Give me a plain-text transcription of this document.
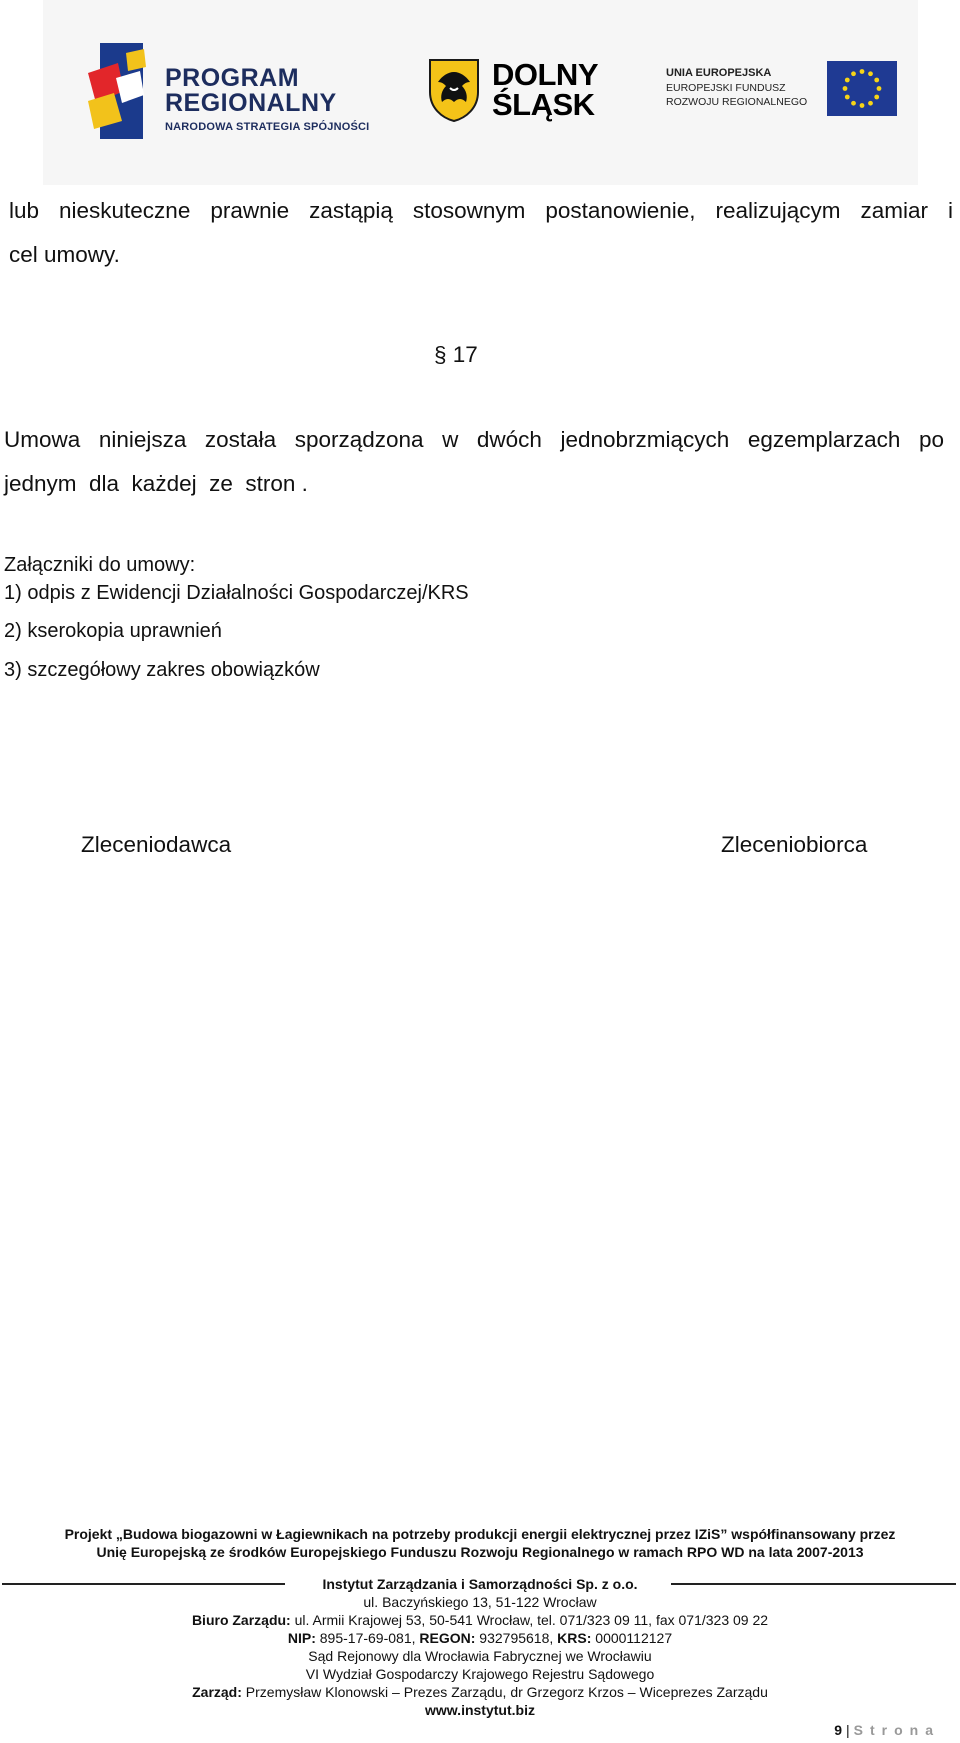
PROGRAM
REGIONALNY
NARODOWA STRATEGIA SPÓJNOŚCI
DOLNY
ŚLĄSK
UNIA EUROPEJSKA
EUROPEJSKI FUNDUSZ
ROZWOJU REGIONALNEGO
lub nieskuteczne prawnie zastąpią stosownym postanowienie, realizującym zamiar i
cel umowy.
§ 17
Umowa niniejsza została sporządzona w dwóch jednobrzmiących egzemplarzach po
jednym  dla  każdej  ze  stron .
Załączniki do umowy:
1) odpis z Ewidencji Działalności Gospodarczej/KRS
2) kserokopia uprawnień
3) szczegółowy zakres obowiązków
Zleceniodawca	Zleceniobiorca
Projekt „Budowa biogazowni w Łagiewnikach na potrzeby produkcji energii elektrycznej przez IZiS” współfinansowany przez
Unię Europejską ze środków Europejskiego Funduszu Rozwoju Regionalnego w ramach RPO WD na lata 2007-2013
Instytut Zarządzania i Samorządności Sp. z o.o.
ul. Baczyńskiego 13, 51-122 Wrocław
Biuro Zarządu: ul. Armii Krajowej 53, 50-541 Wrocław, tel. 071/323 09 11, fax 071/323 09 22
NIP: 895-17-69-081, REGON: 932795618, KRS: 0000112127
Sąd Rejonowy dla Wrocławia Fabrycznej we Wrocławiu
VI Wydział Gospodarczy Krajowego Rejestru Sądowego
Zarząd: Przemysław Klonowski – Prezes Zarządu, dr Grzegorz Krzos – Wiceprezes Zarządu
www.instytut.biz
9 | Strona
